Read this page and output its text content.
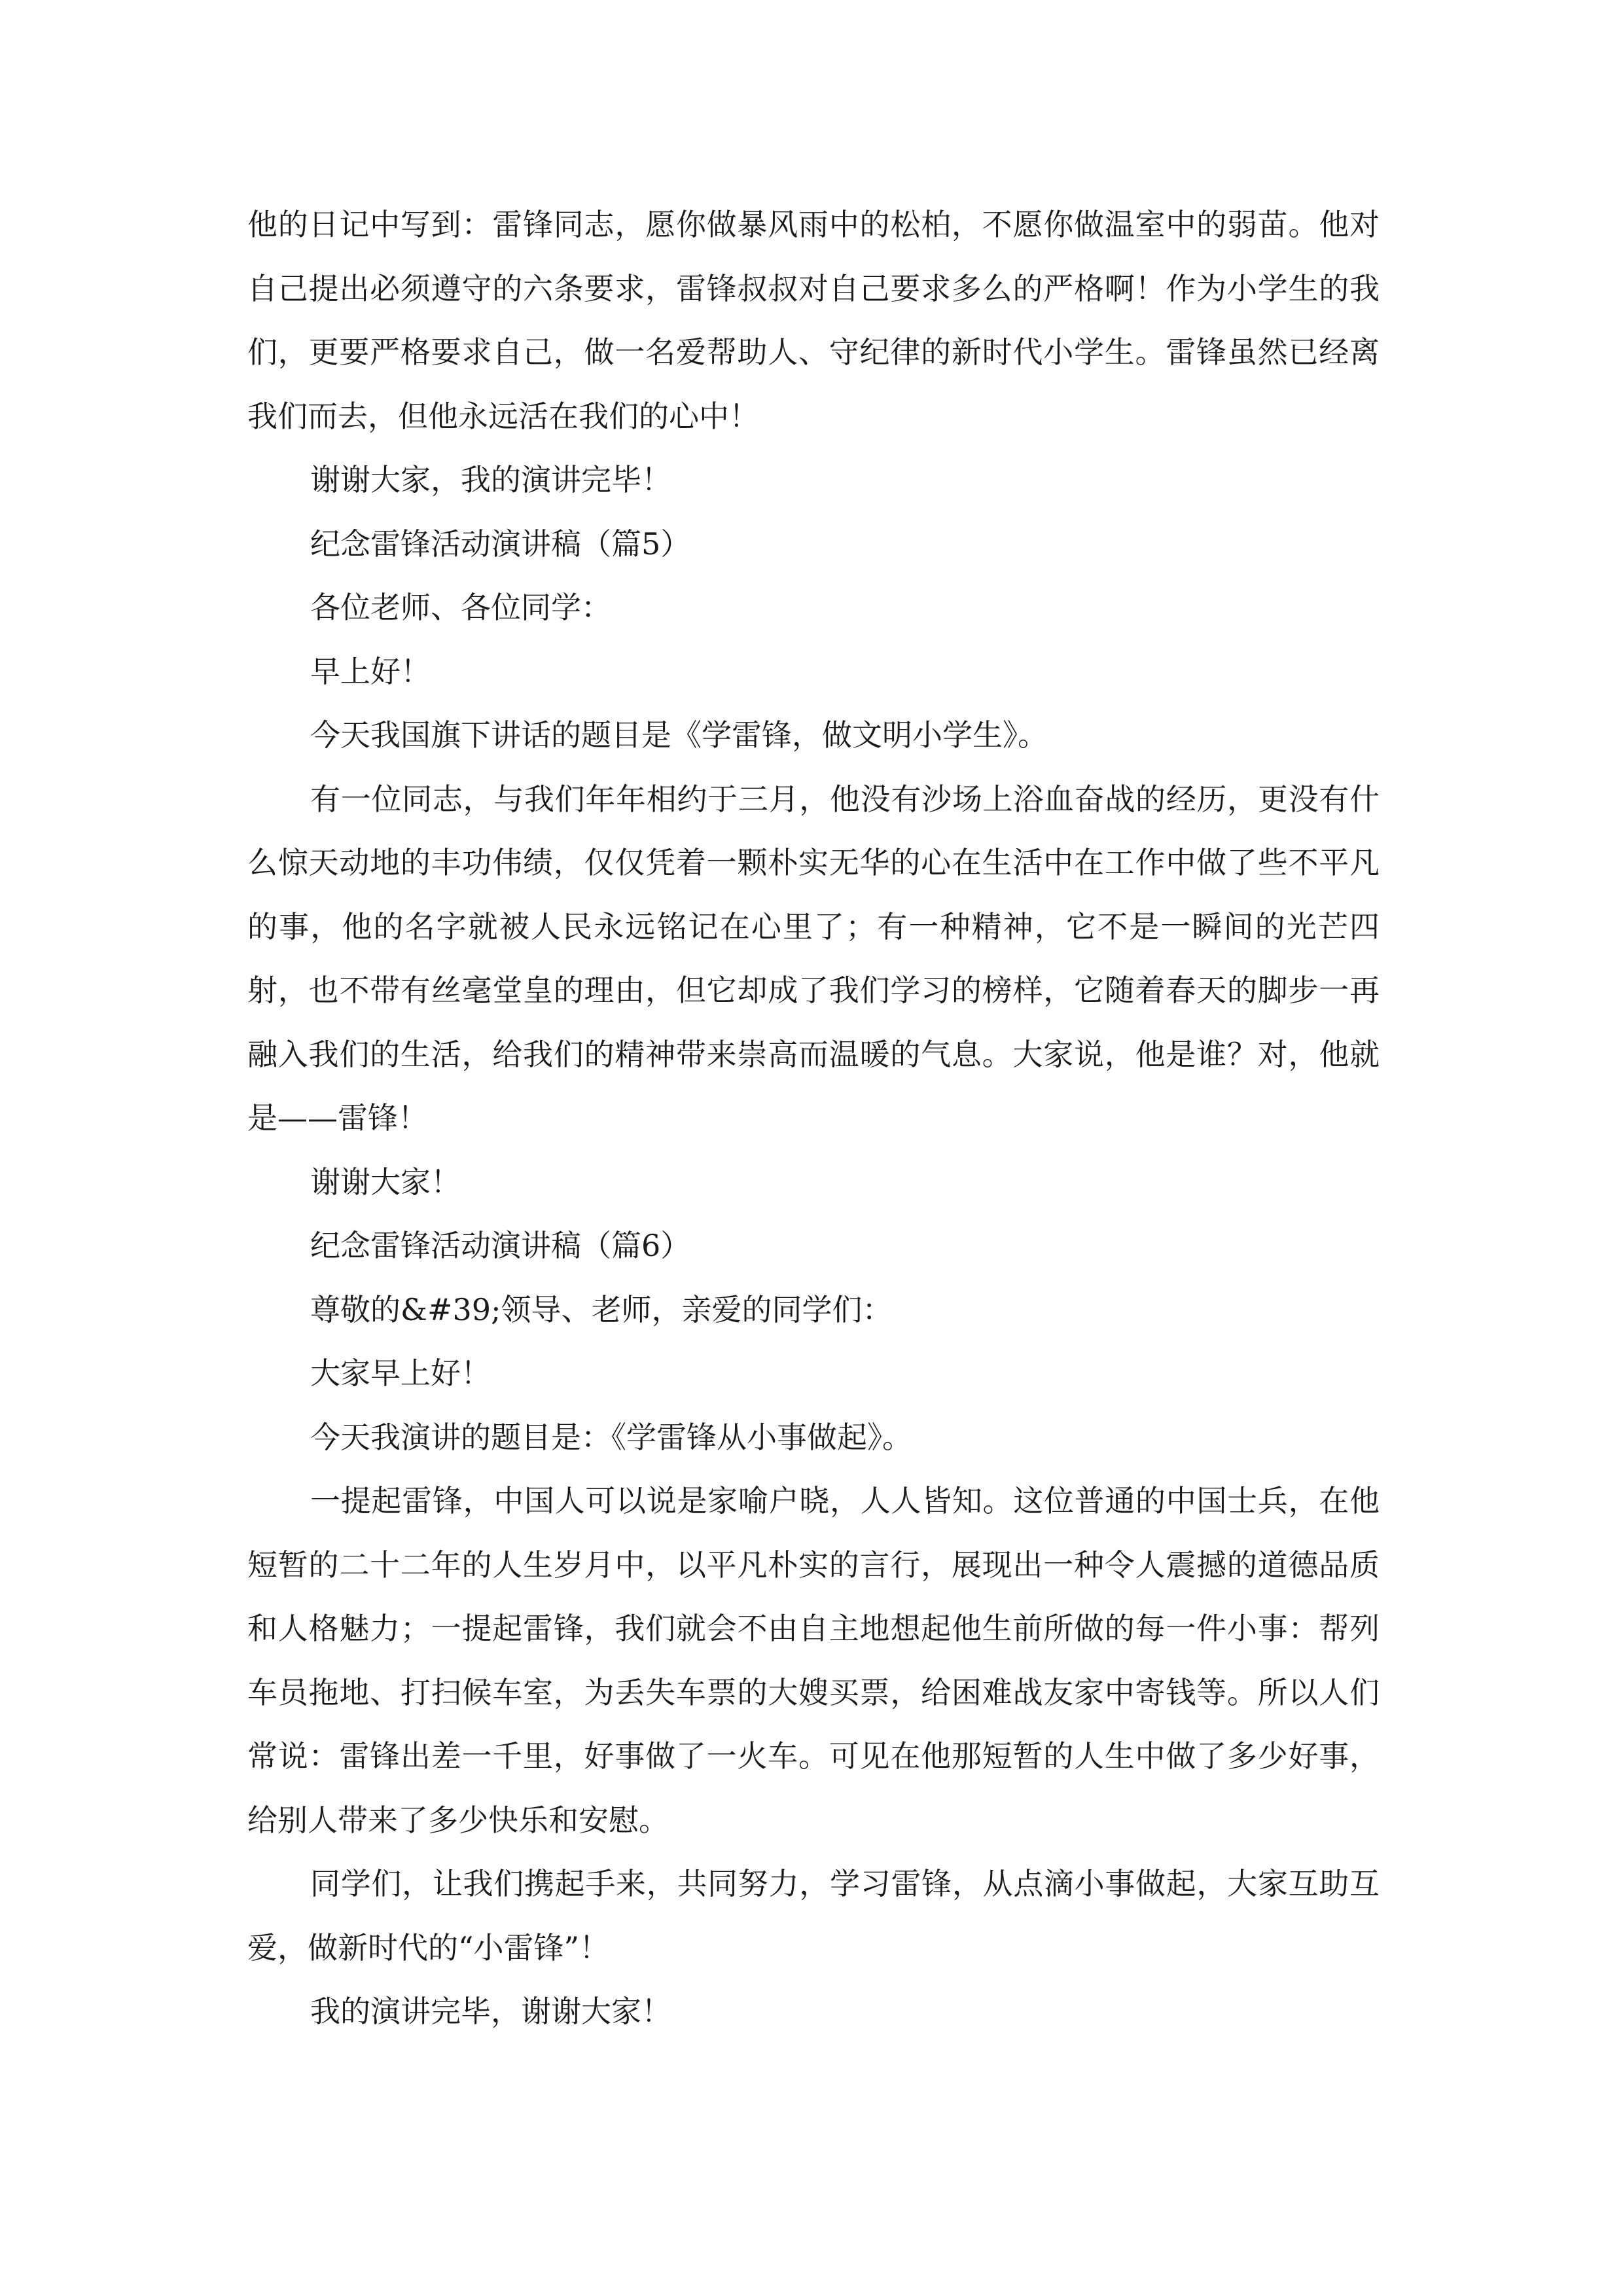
他的日记中写到：雷锋同志，愿你做暴风雨中的松柏，不愿你做温室中的弱苗。他对自己提出必须遵守的六条要求，雷锋叔叔对自己要求多么的严格啊！作为小学生的我们，更要严格要求自己，做一名爱帮助人、守纪律的新时代小学生。雷锋虽然已经离我们而去，但他永远活在我们的心中！

谢谢大家，我的演讲完毕！

纪念雷锋活动演讲稿（篇5）

各位老师、各位同学：

早上好！

今天我国旗下讲话的题目是《学雷锋，做文明小学生》。

有一位同志，与我们年年相约于三月，他没有沙场上浴血奋战的经历，更没有什么惊天动地的丰功伟绩，仅仅凭着一颗朴实无华的心在生活中在工作中做了些不平凡的事，他的名字就被人民永远铭记在心里了；有一种精神，它不是一瞬间的光芒四射，也不带有丝毫堂皇的理由，但它却成了我们学习的榜样，它随着春天的脚步一再融入我们的生活，给我们的精神带来崇高而温暖的气息。大家说，他是谁？对，他就是——雷锋！

谢谢大家！

纪念雷锋活动演讲稿（篇6）

尊敬的&#39;领导、老师，亲爱的同学们：

大家早上好！

今天我演讲的题目是：《学雷锋从小事做起》。

一提起雷锋，中国人可以说是家喻户晓，人人皆知。这位普通的中国士兵，在他短暂的二十二年的人生岁月中，以平凡朴实的言行，展现出一种令人震撼的道德品质和人格魅力；一提起雷锋，我们就会不由自主地想起他生前所做的每一件小事：帮列车员拖地、打扫候车室，为丢失车票的大嫂买票，给困难战友家中寄钱等。所以人们常说：雷锋出差一千里，好事做了一火车。可见在他那短暂的人生中做了多少好事，给别人带来了多少快乐和安慰。

同学们，让我们携起手来，共同努力，学习雷锋，从点滴小事做起，大家互助互爱，做新时代的“小雷锋”！

我的演讲完毕，谢谢大家！
